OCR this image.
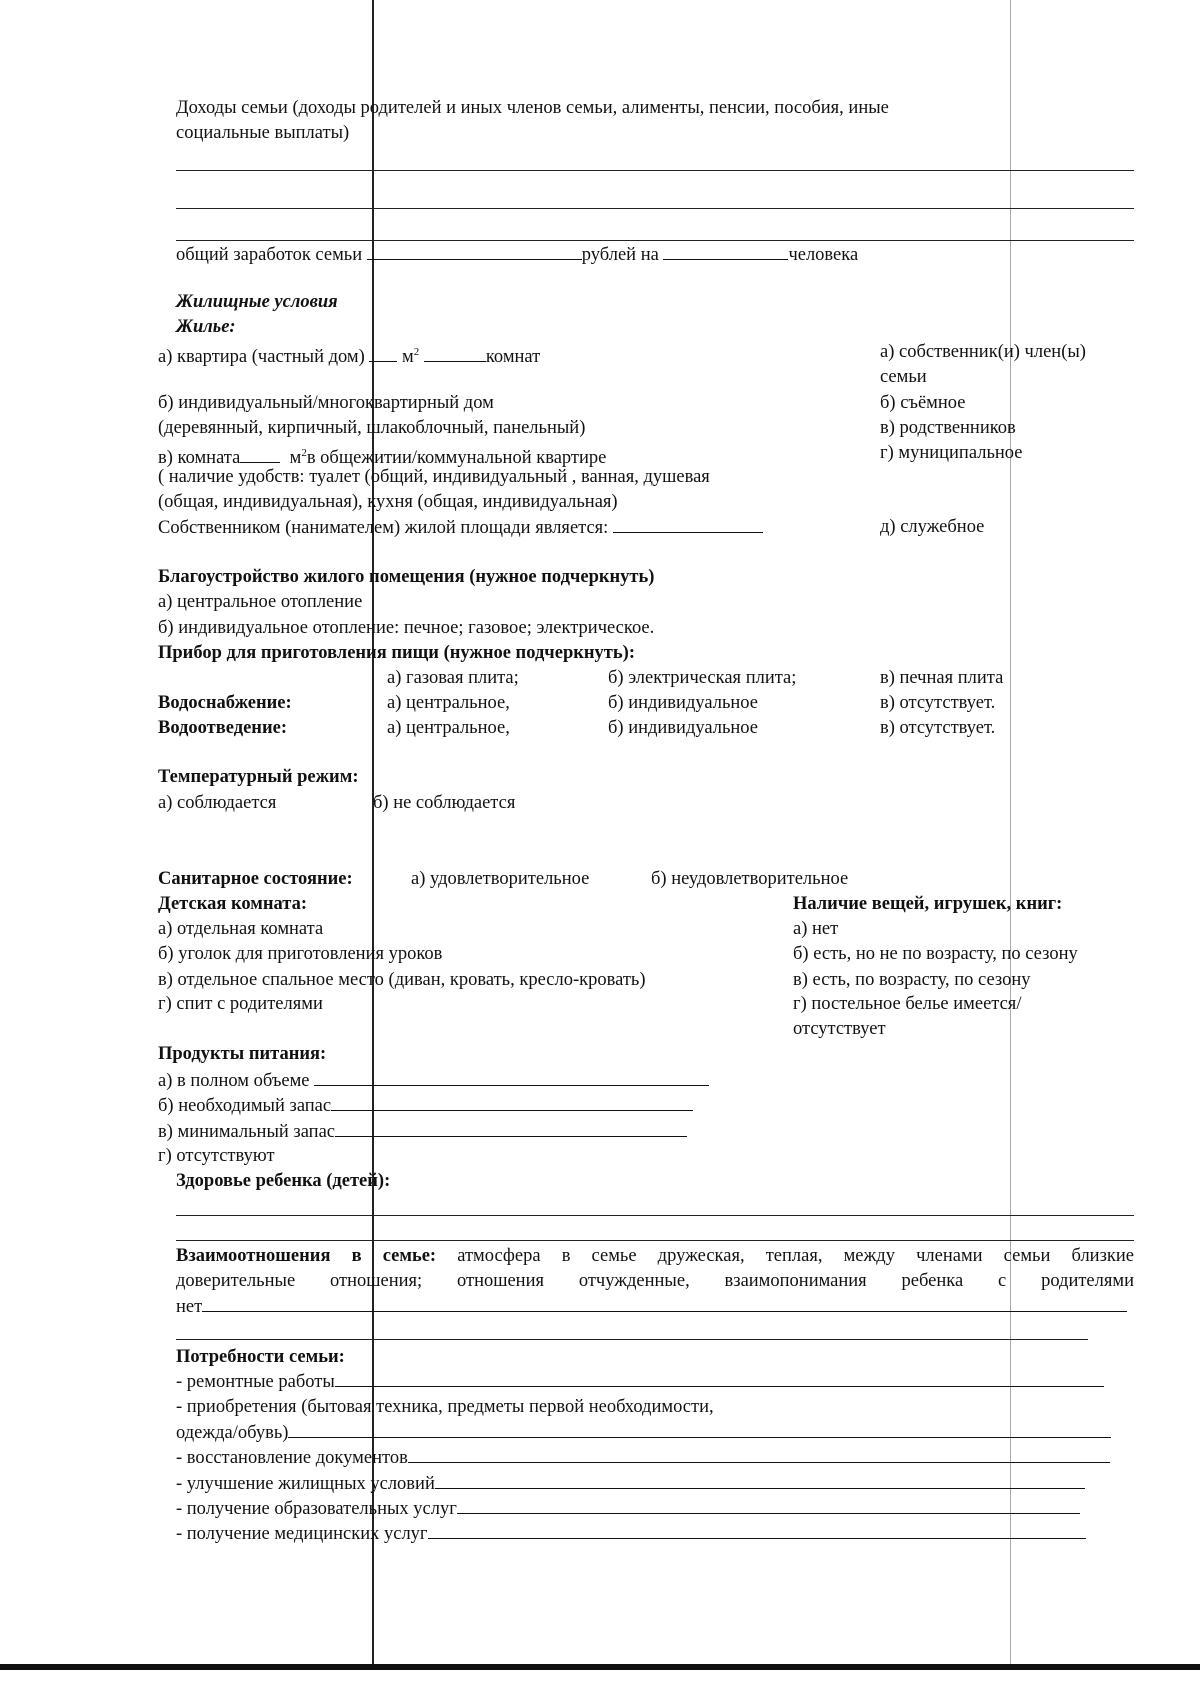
Доходы семьи (доходы родителей и иных членов семьи, алименты, пенсии, пособия, иные
социальные выплаты)
общий заработок семьи	рублей на	человека
Жилищные условия
Жилье:
а) квартира (частный дом) $м^2$	комнат
б) индивидуальный/многоквартирный дом
(деревянный, кирпичный, шлакоблочный, панельный)
в) комната	$м^2в$ общежитии/коммунальной квартире
( наличие удобств: туалет (общий, индивидуальный , ванная, душевая
(общая, индивидуальная), кухня (общая, индивидуальная)
Собственником (нанимателем) жилой площади является:
а) собственник(и) член(ы)
семьи
б) съёмное
в) родственников
г) муниципальное
д) служебное
Благоустройство жилого помещения (нужное подчеркнуть)
а) центральное отопление
б) индивидуальное отопление: печное; газовое; электрическое.
Прибор для приготовления пищи (нужное подчеркнуть):
а) газовая плита;	б) электрическая плита;	в) печная плита
Водоснабжение:	а) центральное,	б) индивидуальное	в) отсутствует.
Водоотведение:	а) центральное,	б) индивидуальное	в) отсутствует.
Температурный режим:
а) соблюдается	б) не соблюдается
Санитарное состояние:	а) удовлетворительное	б) неудовлетворительное
Детская комната:
а) отдельная комната
б) уголок для приготовления уроков
в) отдельное спальное место (диван, кровать, кресло-кровать)
г) спит с родителями
Наличие вещей, игрушек, книг:
а) нет
б) есть, но не по возрасту, по сезону
в) есть, по возрасту, по сезону
г) постельное белье имеется/
отсутствует
Продукты питания:
а) в полном объеме
б) необходимый запас
в) минимальный запас
г) отсутствуют
Здоровье ребенка (детей):
Взаимоотношения в семье: атмосфера в семье дружеская, теплая, между членами семьи близкие
доверительные отношения; отношения отчужденные, взаимопонимания ребенка с родителями
нет
Потребности семьи:
- ремонтные работы
- приобретения (бытовая техника, предметы первой необходимости,
одежда/обувь)
- восстановление документов
- улучшение жилищных условий
- получение образовательных услуг
- получение медицинских услуг
